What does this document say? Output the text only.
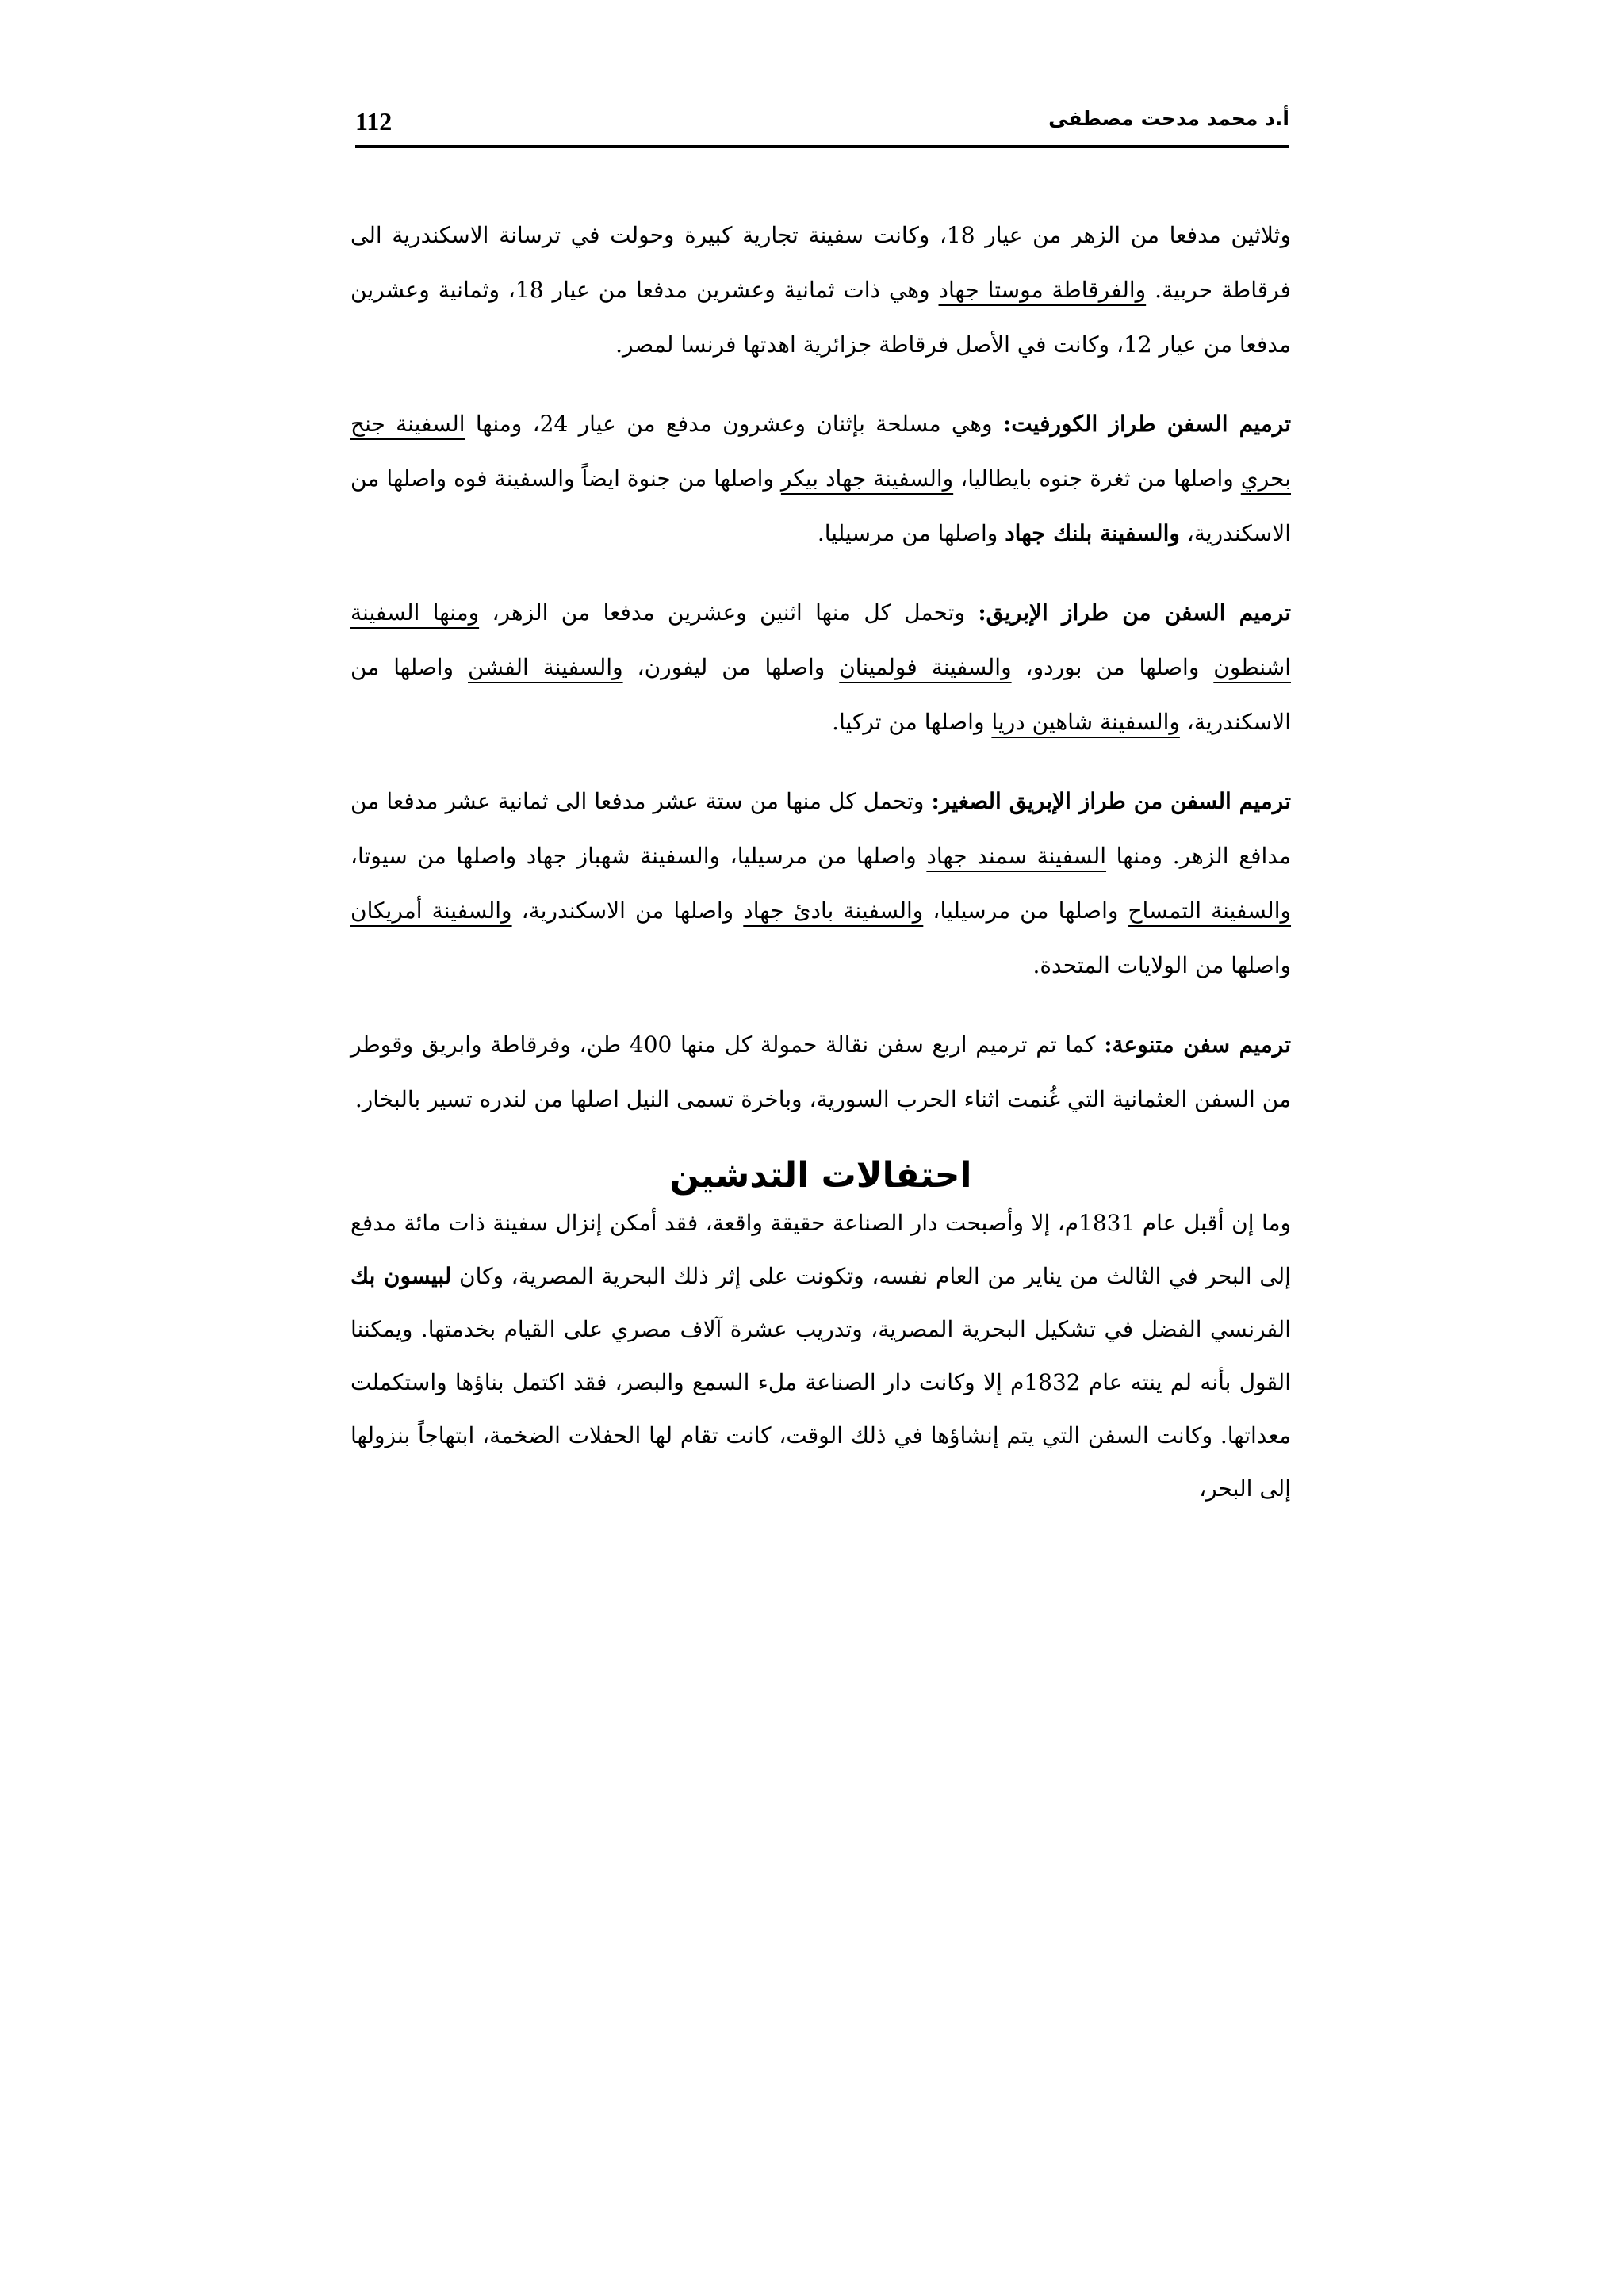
112	أ.د محمد مدحت مصطفى

وثلاثين مدفعا من الزهر من عيار 18، وكانت سفينة تجارية كبيرة وحولت في ترسانة الاسكندرية الى فرقاطة حربية. والفرقاطة موستا جهاد وهي ذات ثمانية وعشرين مدفعا من عيار 18، وثمانية وعشرين مدفعا من عيار 12، وكانت في الأصل فرقاطة جزائرية اهدتها فرنسا لمصر.

ترميم السفن طراز الكورفيت: وهي مسلحة بإثنان وعشرون مدفع من عيار 24، ومنها السفينة جنح بحري واصلها من ثغرة جنوه بايطاليا، والسفينة جهاد بيكر واصلها من جنوة ايضاً والسفينة فوه واصلها من الاسكندرية، والسفينة بلنك جهاد واصلها من مرسيليا.

ترميم السفن من طراز الإبريق: وتحمل كل منها اثنين وعشرين مدفعا من الزهر، ومنها السفينة اشنطون واصلها من بوردو، والسفينة فولمينان واصلها من ليفورن، والسفينة الفشن واصلها من الاسكندرية، والسفينة شاهين دريا واصلها من تركيا.

ترميم السفن من طراز الإبريق الصغير: وتحمل كل منها من ستة عشر مدفعا الى ثمانية عشر مدفعا من مدافع الزهر. ومنها السفينة سمند جهاد واصلها من مرسيليا، والسفينة شهباز جهاد واصلها من سيوتا، والسفينة التمساح واصلها من مرسيليا، والسفينة بادئ جهاد واصلها من الاسكندرية، والسفينة أمريكان واصلها من الولايات المتحدة.

ترميم سفن متنوعة: كما تم ترميم اربع سفن نقالة حمولة كل منها 400 طن، وفرقاطة وابريق وقوطر من السفن العثمانية التي غُنمت اثناء الحرب السورية، وباخرة تسمى النيل اصلها من لندره تسير بالبخار.

احتفالات التدشين

وما إن أقبل عام 1831م، إلا وأصبحت دار الصناعة حقيقة واقعة، فقد أمكن إنزال سفينة ذات مائة مدفع إلى البحر في الثالث من يناير من العام نفسه، وتكونت على إثر ذلك البحرية المصرية، وكان لبيسون بك الفرنسي الفضل في تشكيل البحرية المصرية، وتدريب عشرة آلاف مصري على القيام بخدمتها. ويمكننا القول بأنه لم ينته عام 1832م إلا وكانت دار الصناعة ملء السمع والبصر، فقد اكتمل بناؤها واستكملت معداتها. وكانت السفن التي يتم إنشاؤها في ذلك الوقت، كانت تقام لها الحفلات الضخمة، ابتهاجاً بنزولها إلى البحر،
